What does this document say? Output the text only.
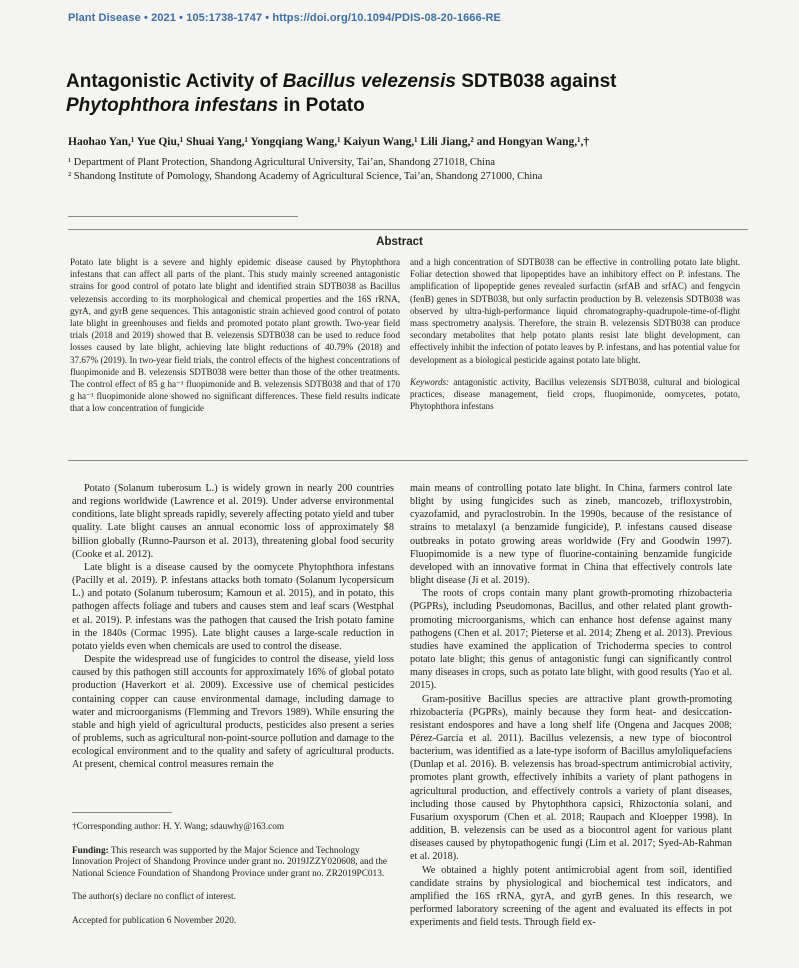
Plant Disease • 2021 • 105:1738-1747 • https://doi.org/10.1094/PDIS-08-20-1666-RE
Antagonistic Activity of Bacillus velezensis SDTB038 against Phytophthora infestans in Potato
Haohao Yan,¹ Yue Qiu,¹ Shuai Yang,¹ Yongqiang Wang,¹ Kaiyun Wang,¹ Lili Jiang,² and Hongyan Wang,¹,†
¹ Department of Plant Protection, Shandong Agricultural University, Tai’an, Shandong 271018, China
² Shandong Institute of Pomology, Shandong Academy of Agricultural Science, Tai’an, Shandong 271000, China
Abstract

Potato late blight is a severe and highly epidemic disease caused by Phytophthora infestans that can affect all parts of the plant. This study mainly screened antagonistic strains for good control of potato late blight and identified strain SDTB038 as Bacillus velezensis according to its morphological and chemical properties and the 16S rRNA, gyrA, and gyrB gene sequences. This antagonistic strain achieved good control of potato late blight in greenhouses and fields and promoted potato plant growth. Two-year field trials (2018 and 2019) showed that B. velezensis SDTB038 can be used to reduce food losses caused by late blight, achieving late blight reductions of 40.79% (2018) and 37.67% (2019). In two-year field trials, the control effects of the highest concentrations of fluopimonide and B. velezensis SDTB038 were better than those of the other treatments. The control effect of 85 g ha⁻¹ fluopimonide and B. velezensis SDTB038 and that of 170 g ha⁻¹ fluopimonide alone showed no significant differences. These field results indicate that a low concentration of fungicide

and a high concentration of SDTB038 can be effective in controlling potato late blight. Foliar detection showed that lipopeptides have an inhibitory effect on P. infestans. The amplification of lipopeptide genes revealed surfactin (srfAB and srfAC) and fengycin (fenB) genes in SDTB038, but only surfactin production by B. velezensis SDTB038 was observed by ultra-high-performance liquid chromatography-quadrupole-time-of-flight mass spectrometry analysis. Therefore, the strain B. velezensis SDTB038 can produce secondary metabolites that help potato plants resist late blight development, can effectively inhibit the infection of potato leaves by P. infestans, and has potential value for development as a biological pesticide against potato late blight.

Keywords: antagonistic activity, Bacillus velezensis SDTB038, cultural and biological practices, disease management, field crops, fluopimonide, oomycetes, potato, Phytophthora infestans

Potato (Solanum tuberosum L.) is widely grown in nearly 200 countries and regions worldwide (Lawrence et al. 2019). Under adverse environmental conditions, late blight spreads rapidly, severely affecting potato yield and tuber quality. Late blight causes an annual economic loss of approximately $8 billion globally (Runno-Paurson et al. 2013), threatening global food security (Cooke et al. 2012).

Late blight is a disease caused by the oomycete Phytophthora infestans (Pacilly et al. 2019). P. infestans attacks both tomato (Solanum lycopersicum L.) and potato (Solanum tuberosum; Kamoun et al. 2015), and in potato, this pathogen affects foliage and tubers and causes stem and leaf scars (Westphal et al. 2019). P. infestans was the pathogen that caused the Irish potato famine in the 1840s (Cormac 1995). Late blight causes a large-scale reduction in potato yields even when chemicals are used to control the disease.

Despite the widespread use of fungicides to control the disease, yield loss caused by this pathogen still accounts for approximately 16% of global potato production (Haverkort et al. 2009). Excessive use of chemical pesticides containing copper can cause environmental damage, including damage to water and microorganisms (Flemming and Trevors 1989). While ensuring the stable and high yield of agricultural products, pesticides also present a series of problems, such as agricultural non-point-source pollution and damage to the ecological environment and to the quality and safety of agricultural products. At present, chemical control measures remain the

main means of controlling potato late blight. In China, farmers control late blight by using fungicides such as zineb, mancozeb, trifloxystrobin, cyazofamid, and pyraclostrobin. In the 1990s, because of the resistance of strains to metalaxyl (a benzamide fungicide), P. infestans caused disease outbreaks in potato growing areas worldwide (Fry and Goodwin 1997). Fluopimomide is a new type of fluorine-containing benzamide fungicide developed with an innovative format in China that effectively controls late blight disease (Ji et al. 2019).

The roots of crops contain many plant growth-promoting rhizobacteria (PGPRs), including Pseudomonas, Bacillus, and other related plant growth-promoting microorganisms, which can enhance host defense against many pathogens (Chen et al. 2017; Pieterse et al. 2014; Zheng et al. 2013). Previous studies have examined the application of Trichoderma species to control potato late blight; this genus of antagonistic fungi can significantly control many diseases in crops, such as potato late blight, with good results (Yao et al. 2015).

Gram-positive Bacillus species are attractive plant growth-promoting rhizobacteria (PGPRs), mainly because they form heat- and desiccation-resistant endospores and have a long shelf life (Ongena and Jacques 2008; Pérez-García et al. 2011). Bacillus velezensis, a new type of biocontrol bacterium, was identified as a late-type isoform of Bacillus amyloliquefaciens (Dunlap et al. 2016). B. velezensis has broad-spectrum antimicrobial activity, promotes plant growth, effectively inhibits a variety of plant pathogens in agricultural production, and effectively controls a variety of plant diseases, including those caused by Phytophthora capsici, Rhizoctonia solani, and Fusarium oxysporum (Chen et al. 2018; Raupach and Kloepper 1998). In addition, B. velezensis can be used as a biocontrol agent for various plant diseases caused by phytopathogenic fungi (Lim et al. 2017; Syed-Ab-Rahman et al. 2018).

We obtained a highly potent antimicrobial agent from soil, identified candidate strains by physiological and biochemical test indicators, and amplified the 16S rRNA, gyrA, and gyrB genes. In this research, we performed laboratory screening of the agent and evaluated its effects in pot experiments and field tests. Through field ex-

†Corresponding author: H. Y. Wang; sdauwhy@163.com

Funding: This research was supported by the Major Science and Technology Innovation Project of Shandong Province under grant no. 2019JZZY020608, and the National Science Foundation of Shandong Province under grant no. ZR2019PC013.

The author(s) declare no conflict of interest.

Accepted for publication 6 November 2020.
